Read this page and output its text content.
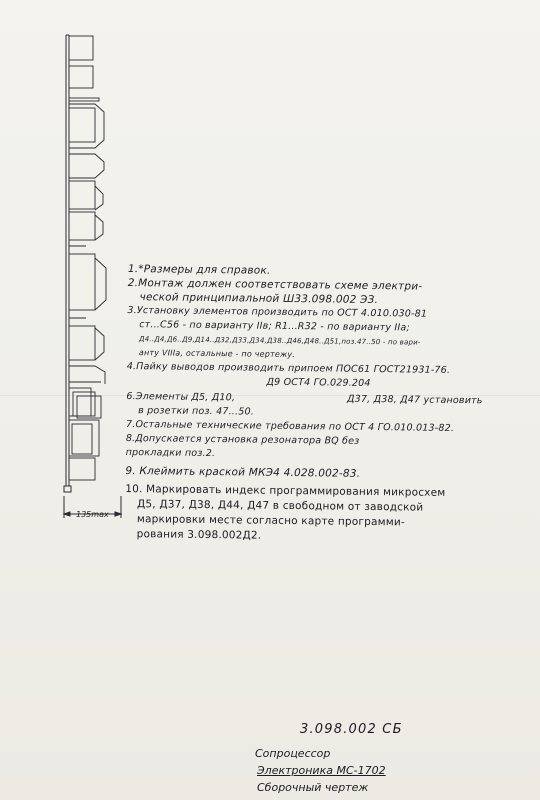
135max
1.*Размеры для справок.
2.Монтаж должен соответствовать схеме электри-
ческой принципиальной Ш33.098.002 ЭЗ.
3.Установку элементов производить по ОСТ 4.010.030-81
ст...С56 - по варианту IIв; R1...R32 - по варианту IIа;
Д4..Д4,Д6..Д9,Д14..Д32,Д33,Д34,Д38..Д46,Д48..Д51,поз.47..50 - по вари-
анту VIIIа, остальные - по чертежу.
4.Пайку выводов производить припоем ПОС61 ГОСТ21931-76.
Д9 ОСТ4 ГО.029.204
6.Элементы Д5, Д10,	Д37, Д38, Д47 установить
в розетки поз. 47...50.
7.Остальные технические требования по ОСТ 4 ГО.010.013-82.
8.Допускается установка резонатора BQ без
прокладки поз.2.
9. Клеймить краской МКЭ4 4.028.002-83.
10. Маркировать индекс программирования микросхем
Д5, Д37, Д38, Д44, Д47 в свободном от заводской
маркировки месте согласно карте программи-
рования 3.098.002Д2.
3.098.002 СБ
Сопроцессор
Электроника МС-1702
Сборочный чертеж
